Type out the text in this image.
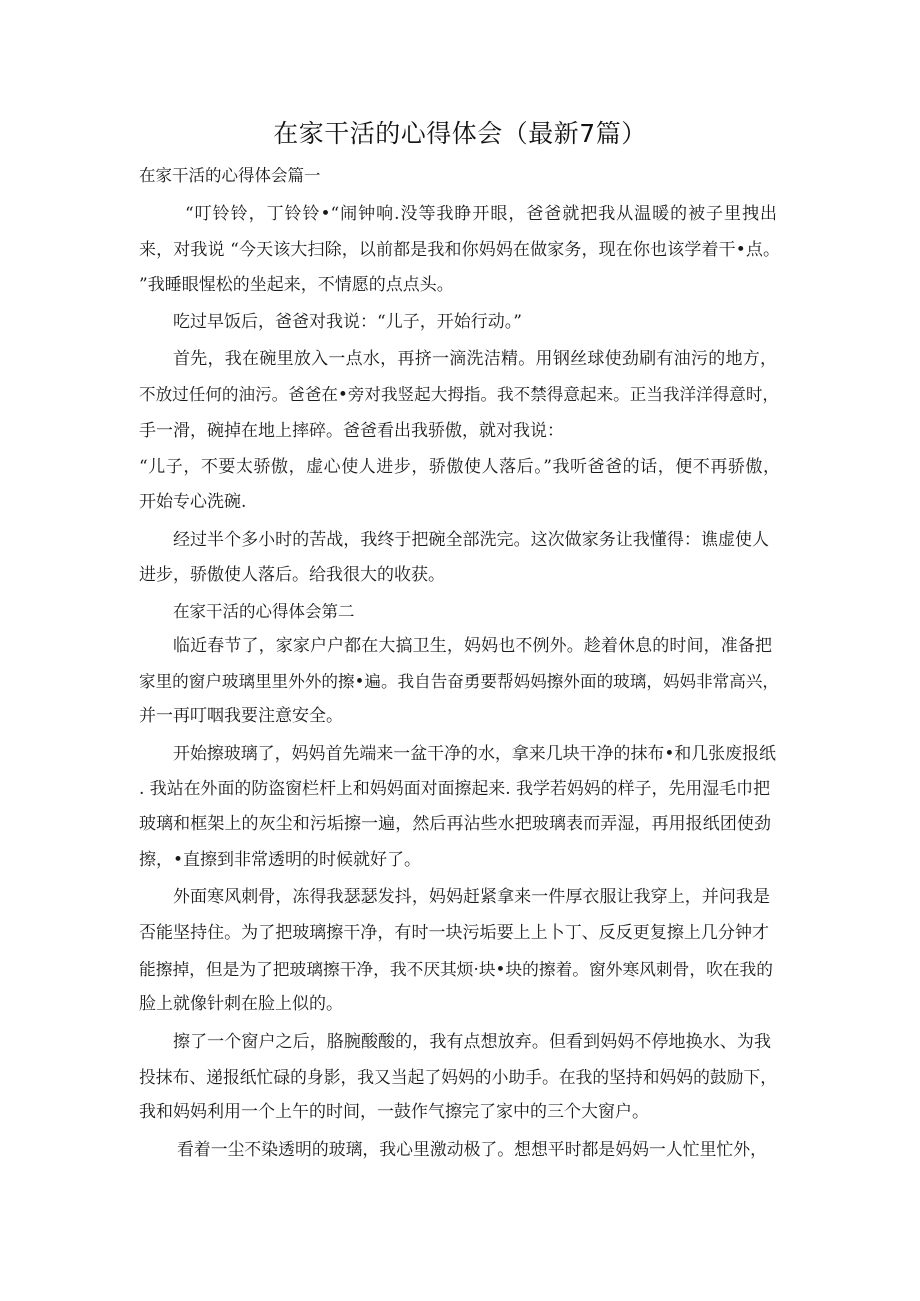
在家干活的心得体会（最新7篇）
在家干活的心得体会篇一
“叮铃铃，丁铃铃•“闹钟响.没等我睁开眼，爸爸就把我从温暖的被子里拽出
来，对我说 “今天该大扫除，以前都是我和你妈妈在做家务，现在你也该学着干•点。
”我睡眼惺松的坐起来，不情愿的点点头。
吃过早饭后，爸爸对我说：“儿子，开始行动。”
首先，我在碗里放入一点水，再挤一滴洗洁精。用钢丝球使劲刷有油污的地方，
不放过任何的油污。爸爸在•旁对我竖起大拇指。我不禁得意起来。正当我洋洋得意时，
手一滑，碗掉在地上摔碎。爸爸看出我骄傲，就对我说：
“儿子，不要太骄傲，虚心使人进步，骄傲使人落后。”我听爸爸的话，便不再骄傲，
开始专心洗碗.
经过半个多小时的苦战，我终于把碗全部洗完。这次做家务让我懂得：谯虚使人
进步，骄傲使人落后。给我很大的收获。
在家干活的心得体会第二
临近春节了，家家户户都在大搞卫生，妈妈也不例外。趁着休息的时间，准备把
家里的窗户玻璃里里外外的擦•遍。我自告奋勇要帮妈妈擦外面的玻璃，妈妈非常高兴，
并一再叮咽我要注意安全。
开始擦玻璃了，妈妈首先端来一盆干净的水，拿来几块干净的抹布•和几张废报纸
. 我站在外面的防盗窗栏杆上和妈妈面对面擦起来. 我学若妈妈的样子，先用湿毛巾把
玻璃和框架上的灰尘和污垢擦一遍，然后再沾些水把玻璃表而弄湿，再用报纸团使劲
擦，•直擦到非常透明的时候就好了。
外面寒风刺骨，冻得我瑟瑟发抖，妈妈赶紧拿来一件厚衣服让我穿上，并问我是
否能坚持住。为了把玻璃擦干净，有时一块污垢要上上卜丁、反反更复擦上几分钟才
能擦掉，但是为了把玻璃擦干净，我不厌其烦·块•块的擦着。窗外寒风刺骨，吹在我的
脸上就像针刺在脸上似的。
擦了一个窗户之后，胳腕酸酸的，我有点想放弃。但看到妈妈不停地换水、为我
投抹布、递报纸忙碌的身影，我又当起了妈妈的小助手。在我的坚持和妈妈的鼓励下，
我和妈妈利用一个上午的时间，一鼓作气擦完了家中的三个大窗户。
看着一尘不染透明的玻璃，我心里激动极了。想想平时都是妈妈一人忙里忙外，
